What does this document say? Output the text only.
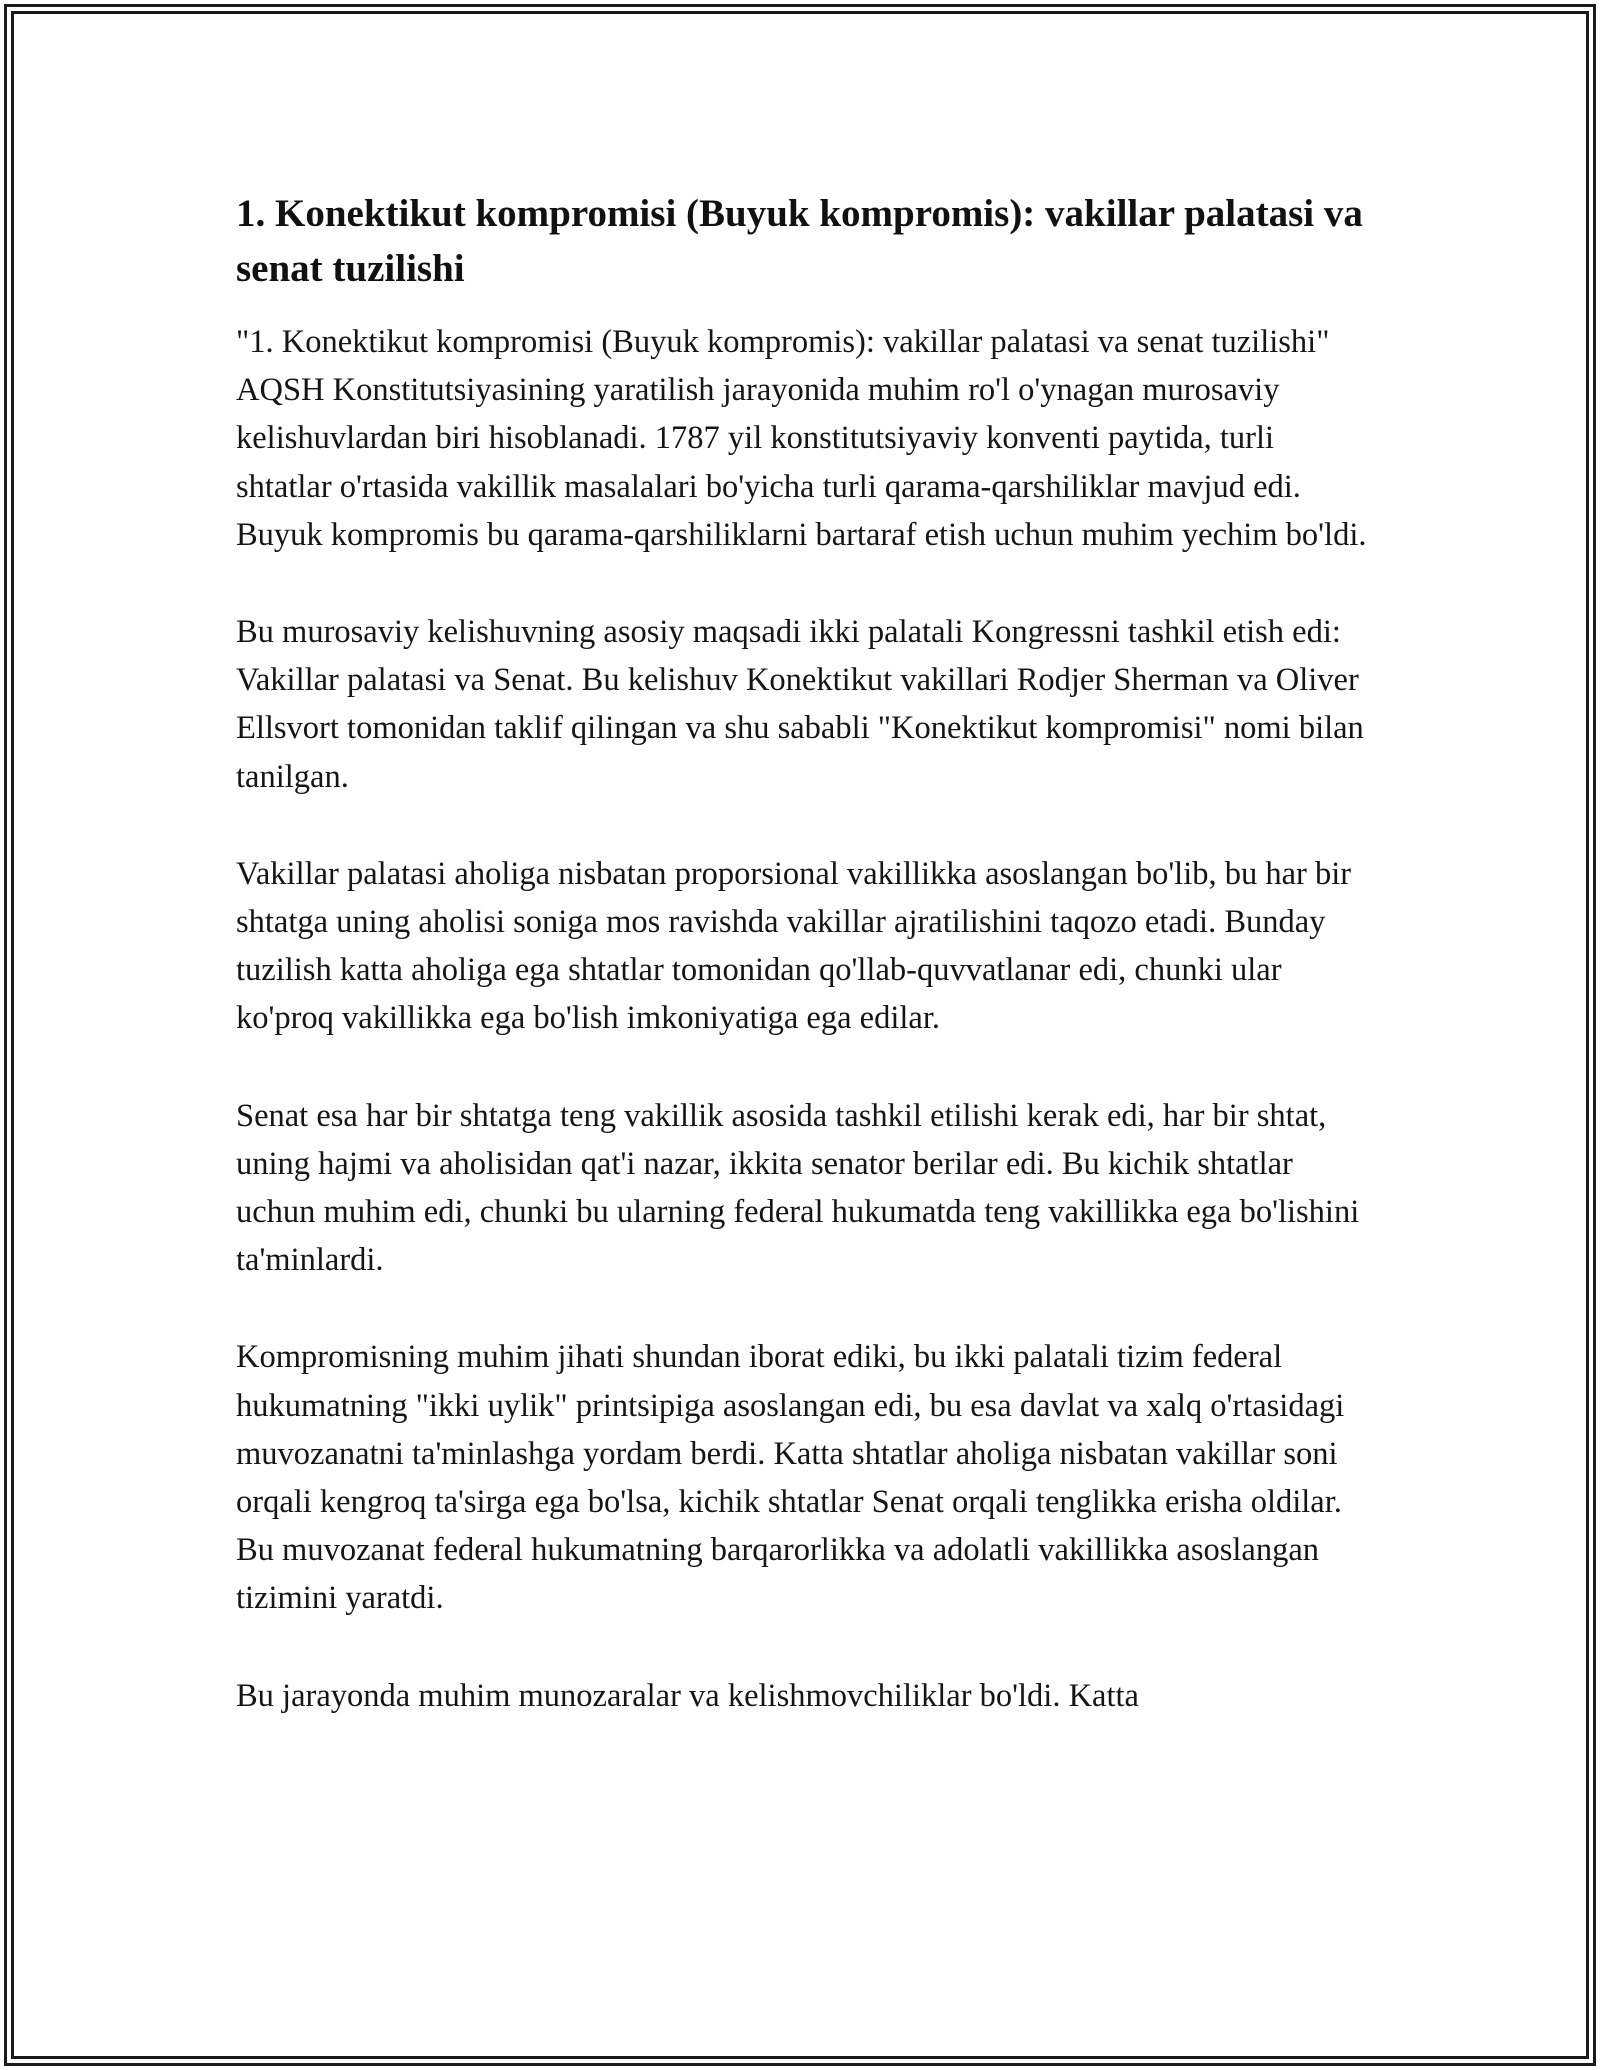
1. Konektikut kompromisi (Buyuk kompromis): vakillar palatasi va senat tuzilishi

"1. Konektikut kompromisi (Buyuk kompromis): vakillar palatasi va senat tuzilishi" AQSH Konstitutsiyasining yaratilish jarayonida muhim ro'l o'ynagan murosaviy kelishuvlardan biri hisoblanadi. 1787 yil konstitutsiyaviy konventi paytida, turli shtatlar o'rtasida vakillik masalalari bo'yicha turli qarama-qarshiliklar mavjud edi. Buyuk kompromis bu qarama-qarshiliklarni bartaraf etish uchun muhim yechim bo'ldi.

Bu murosaviy kelishuvning asosiy maqsadi ikki palatali Kongressni tashkil etish edi: Vakillar palatasi va Senat. Bu kelishuv Konektikut vakillari Rodjer Sherman va Oliver Ellsvort tomonidan taklif qilingan va shu sababli "Konektikut kompromisi" nomi bilan tanilgan.

Vakillar palatasi aholiga nisbatan proporsional vakillikka asoslangan bo'lib, bu har bir shtatga uning aholisi soniga mos ravishda vakillar ajratilishini taqozo etadi. Bunday tuzilish katta aholiga ega shtatlar tomonidan qo'llab-quvvatlanar edi, chunki ular ko'proq vakillikka ega bo'lish imkoniyatiga ega edilar.

Senat esa har bir shtatga teng vakillik asosida tashkil etilishi kerak edi, har bir shtat, uning hajmi va aholisidan qat'i nazar, ikkita senator berilar edi. Bu kichik shtatlar uchun muhim edi, chunki bu ularning federal hukumatda teng vakillikka ega bo'lishini ta'minlardi.

Kompromisning muhim jihati shundan iborat ediki, bu ikki palatali tizim federal hukumatning "ikki uylik" printsipiga asoslangan edi, bu esa davlat va xalq o'rtasidagi muvozanatni ta'minlashga yordam berdi. Katta shtatlar aholiga nisbatan vakillar soni orqali kengroq ta'sirga ega bo'lsa, kichik shtatlar Senat orqali tenglikka erisha oldilar. Bu muvozanat federal hukumatning barqarorlikka va adolatli vakillikka asoslangan tizimini yaratdi.

Bu jarayonda muhim munozaralar va kelishmovchiliklar bo'ldi. Katta
